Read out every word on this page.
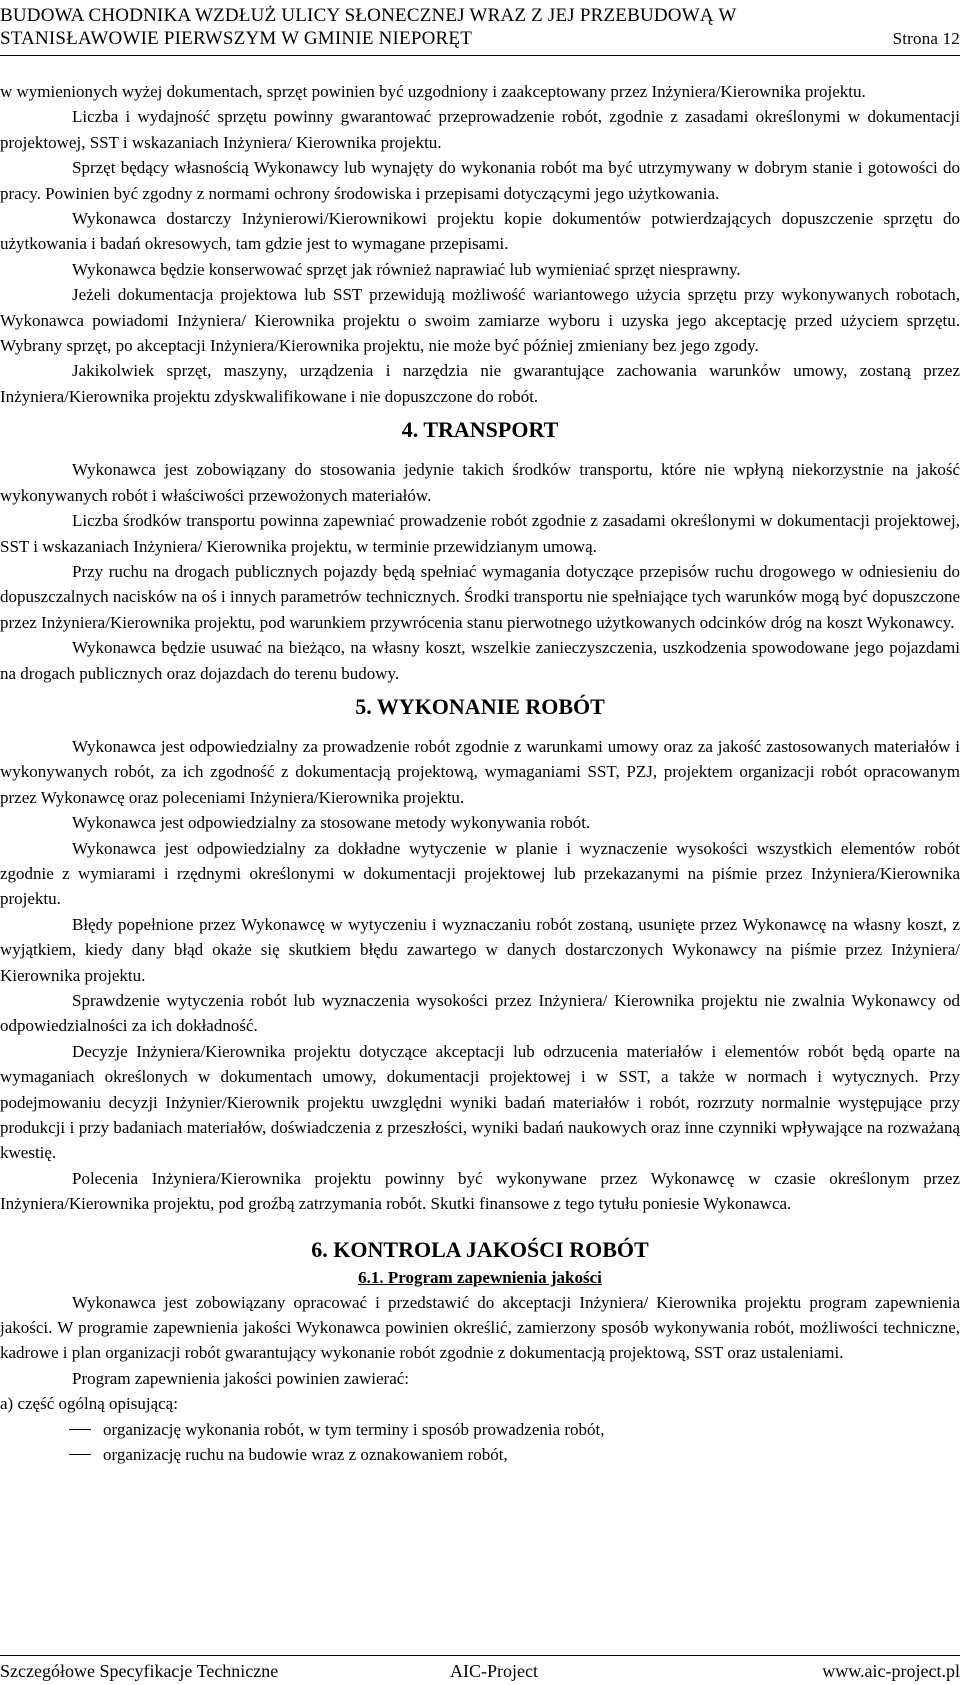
BUDOWA CHODNIKA WZDŁUŻ ULICY SŁONECZNEJ WRAZ Z JEJ PRZEBUDOWĄ W
STANISŁAWOWIE PIERWSZYM W GMINIE NIEPORĘT	Strona 12

w wymienionych wyżej dokumentach, sprzęt powinien być uzgodniony i zaakceptowany przez Inżyniera/Kierownika projektu.

Liczba i wydajność sprzętu powinny gwarantować przeprowadzenie robót, zgodnie z zasadami określonymi w dokumentacji projektowej, SST i wskazaniach Inżyniera/ Kierownika projektu.

Sprzęt będący własnością Wykonawcy lub wynajęty do wykonania robót ma być utrzymywany w dobrym stanie i gotowości do pracy. Powinien być zgodny z normami ochrony środowiska i przepisami dotyczącymi jego użytkowania.

Wykonawca dostarczy Inżynierowi/Kierownikowi projektu kopie dokumentów potwierdzających dopuszczenie sprzętu do użytkowania i badań okresowych, tam gdzie jest to wymagane przepisami.

Wykonawca będzie konserwować sprzęt jak również naprawiać lub wymieniać sprzęt niesprawny.

Jeżeli dokumentacja projektowa lub SST przewidują możliwość wariantowego użycia sprzętu przy wykonywanych robotach, Wykonawca powiadomi Inżyniera/ Kierownika projektu o swoim zamiarze wyboru i uzyska jego akceptację przed użyciem sprzętu. Wybrany sprzęt, po akceptacji Inżyniera/Kierownika projektu, nie może być później zmieniany bez jego zgody.

Jakikolwiek sprzęt, maszyny, urządzenia i narzędzia nie gwarantujące zachowania warunków umowy, zostaną przez Inżyniera/Kierownika projektu zdyskwalifikowane i nie dopuszczone do robót.

4. TRANSPORT

Wykonawca jest zobowiązany do stosowania jedynie takich środków transportu, które nie wpłyną niekorzystnie na jakość wykonywanych robót i właściwości przewożonych materiałów.

Liczba środków transportu powinna zapewniać prowadzenie robót zgodnie z zasadami określonymi w dokumentacji projektowej, SST i wskazaniach Inżyniera/ Kierownika projektu, w terminie przewidzianym umową.

Przy ruchu na drogach publicznych pojazdy będą spełniać wymagania dotyczące przepisów ruchu drogowego w odniesieniu do dopuszczalnych nacisków na oś i innych parametrów technicznych. Środki transportu nie spełniające tych warunków mogą być dopuszczone przez Inżyniera/Kierownika projektu, pod warunkiem przywrócenia stanu pierwotnego użytkowanych odcinków dróg na koszt Wykonawcy.

Wykonawca będzie usuwać na bieżąco, na własny koszt, wszelkie zanieczyszczenia, uszkodzenia spowodowane jego pojazdami na drogach publicznych oraz dojazdach do terenu budowy.

5. WYKONANIE ROBÓT

Wykonawca jest odpowiedzialny za prowadzenie robót zgodnie z warunkami umowy oraz za jakość zastosowanych materiałów i wykonywanych robót, za ich zgodność z dokumentacją projektową, wymaganiami SST, PZJ, projektem organizacji robót opracowanym przez Wykonawcę oraz poleceniami Inżyniera/Kierownika projektu.

Wykonawca jest odpowiedzialny za stosowane metody wykonywania robót.

Wykonawca jest odpowiedzialny za dokładne wytyczenie w planie i wyznaczenie wysokości wszystkich elementów robót zgodnie z wymiarami i rzędnymi określonymi w dokumentacji projektowej lub przekazanymi na piśmie przez Inżyniera/Kierownika projektu.

Błędy popełnione przez Wykonawcę w wytyczeniu i wyznaczaniu robót zostaną, usunięte przez Wykonawcę na własny koszt, z wyjątkiem, kiedy dany błąd okaże się skutkiem błędu zawartego w danych dostarczonych Wykonawcy na piśmie przez Inżyniera/ Kierownika projektu.

Sprawdzenie wytyczenia robót lub wyznaczenia wysokości przez Inżyniera/ Kierownika projektu nie zwalnia Wykonawcy od odpowiedzialności za ich dokładność.

Decyzje Inżyniera/Kierownika projektu dotyczące akceptacji lub odrzucenia materiałów i elementów robót będą oparte na wymaganiach określonych w dokumentach umowy, dokumentacji projektowej i w SST, a także w normach i wytycznych. Przy podejmowaniu decyzji Inżynier/Kierownik projektu uwzględni wyniki badań materiałów i robót, rozrzuty normalnie występujące przy produkcji i przy badaniach materiałów, doświadczenia z przeszłości, wyniki badań naukowych oraz inne czynniki wpływające na rozważaną kwestię.

Polecenia Inżyniera/Kierownika projektu powinny być wykonywane przez Wykonawcę w czasie określonym przez Inżyniera/Kierownika projektu, pod groźbą zatrzymania robót. Skutki finansowe z tego tytułu poniesie Wykonawca.

6. KONTROLA JAKOŚCI ROBÓT
6.1. Program zapewnienia jakości

Wykonawca jest zobowiązany opracować i przedstawić do akceptacji Inżyniera/ Kierownika projektu program zapewnienia jakości. W programie zapewnienia jakości Wykonawca powinien określić, zamierzony sposób wykonywania robót, możliwości techniczne, kadrowe i plan organizacji robót gwarantujący wykonanie robót zgodnie z dokumentacją projektową, SST oraz ustaleniami.

Program zapewnienia jakości powinien zawierać:

a) część ogólną opisującą:

organizację wykonania robót, w tym terminy i sposób prowadzenia robót,
organizację ruchu na budowie wraz z oznakowaniem robót,
Szczegółowe Specyfikacje Techniczne	AIC-Project	www.aic-project.pl
